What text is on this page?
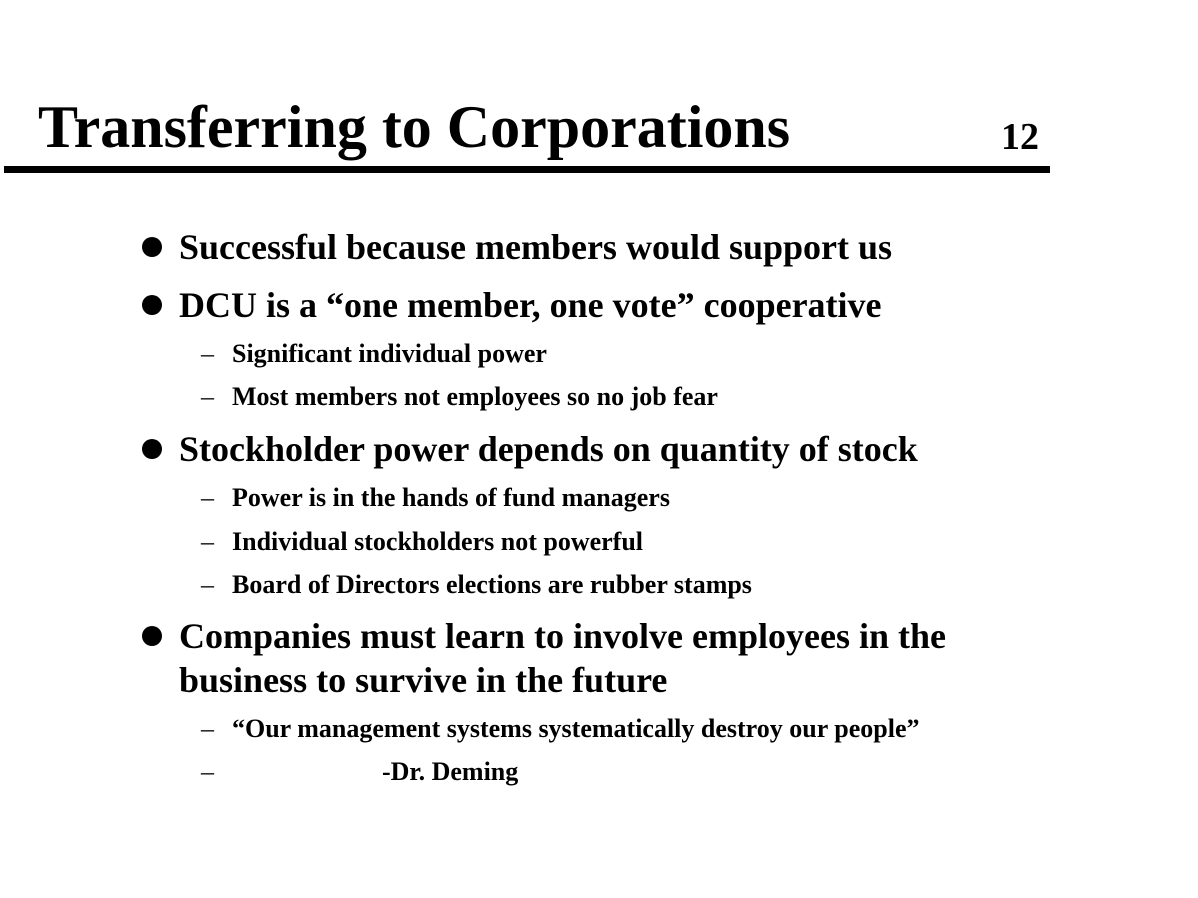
Transferring to Corporations	12
Successful because members would support us
DCU is a “one member, one vote” cooperative
– Significant individual power
– Most members not employees so no job fear
Stockholder power depends on quantity of stock
– Power is in the hands of fund managers
– Individual stockholders not powerful
– Board of Directors elections are rubber stamps
Companies must learn to involve employees in the
business to survive in the future
– “Our management systems systematically destroy our people”
–	-Dr. Deming
